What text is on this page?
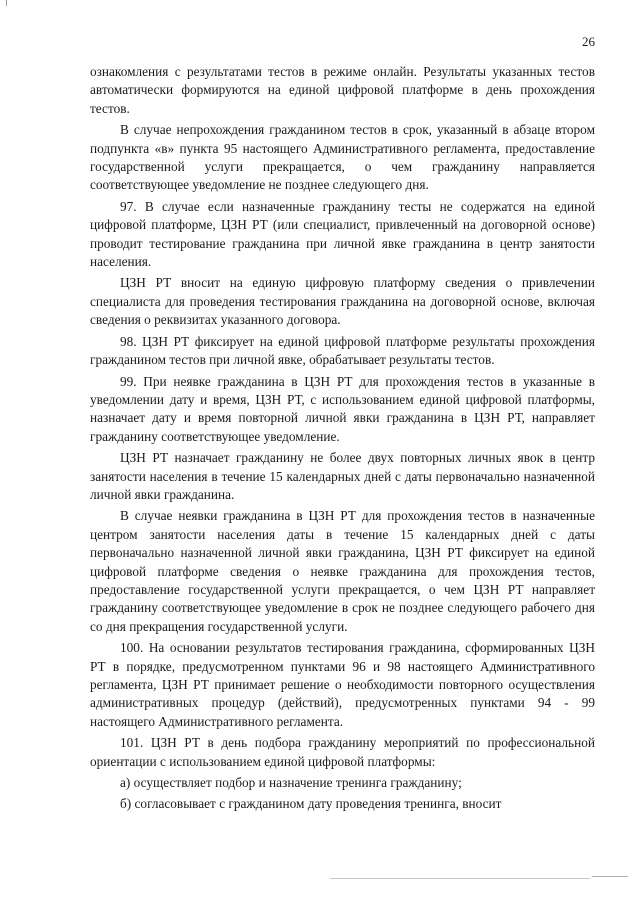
26

ознакомления с результатами тестов в режиме онлайн. Результаты указанных тестов автоматически формируются на единой цифровой платформе в день прохождения тестов.

В случае непрохождения гражданином тестов в срок, указанный в абзаце втором подпункта «в» пункта 95 настоящего Административного регламента, предоставление государственной услуги прекращается, о чем гражданину направляется соответствующее уведомление не позднее следующего дня.

97. В случае если назначенные гражданину тесты не содержатся на единой цифровой платформе, ЦЗН РТ (или специалист, привлеченный на договорной основе) проводит тестирование гражданина при личной явке гражданина в центр занятости населения.

ЦЗН РТ вносит на единую цифровую платформу сведения о привлечении специалиста для проведения тестирования гражданина на договорной основе, включая сведения о реквизитах указанного договора.

98. ЦЗН РТ фиксирует на единой цифровой платформе результаты прохождения гражданином тестов при личной явке, обрабатывает результаты тестов.

99. При неявке гражданина в ЦЗН РТ для прохождения тестов в указанные в уведомлении дату и время, ЦЗН РТ, с использованием единой цифровой платформы, назначает дату и время повторной личной явки гражданина в ЦЗН РТ, направляет гражданину соответствующее уведомление.

ЦЗН РТ назначает гражданину не более двух повторных личных явок в центр занятости населения в течение 15 календарных дней с даты первоначально назначенной личной явки гражданина.

В случае неявки гражданина в ЦЗН РТ для прохождения тестов в назначенные центром занятости населения даты в течение 15 календарных дней с даты первоначально назначенной личной явки гражданина, ЦЗН РТ фиксирует на единой цифровой платформе сведения о неявке гражданина для прохождения тестов, предоставление государственной услуги прекращается, о чем ЦЗН РТ направляет гражданину соответствующее уведомление в срок не позднее следующего рабочего дня со дня прекращения государственной услуги.

100. На основании результатов тестирования гражданина, сформированных ЦЗН РТ в порядке, предусмотренном пунктами 96 и 98 настоящего Административного регламента, ЦЗН РТ принимает решение о необходимости повторного осуществления административных процедур (действий), предусмотренных пунктами 94 - 99 настоящего Административного регламента.

101. ЦЗН РТ в день подбора гражданину мероприятий по профессиональной ориентации с использованием единой цифровой платформы:

а) осуществляет подбор и назначение тренинга гражданину;

б) согласовывает с гражданином дату проведения тренинга, вносит
